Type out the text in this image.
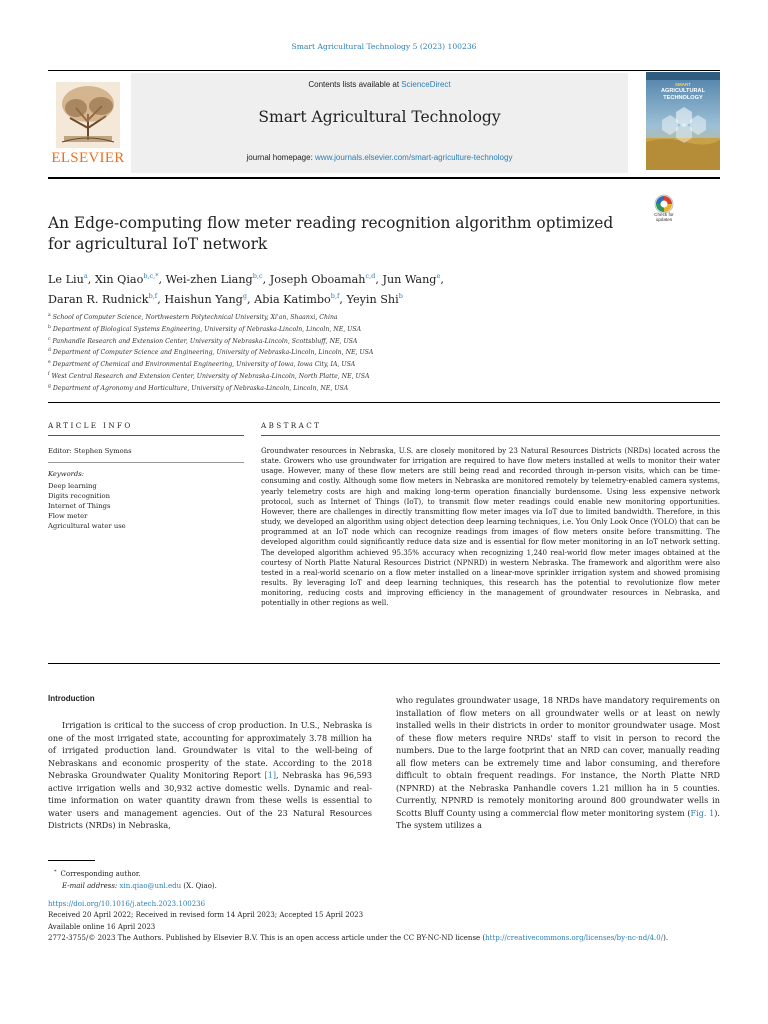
Smart Agricultural Technology 5 (2023) 100236
ELSEVIER
Contents lists available at ScienceDirect
Smart Agricultural Technology
journal homepage: www.journals.elsevier.com/smart-agriculture-technology
SMART
AGRICULTURAL
TECHNOLOGY
Check for
updates
An Edge-computing flow meter reading recognition algorithm optimized
for agricultural IoT network
Le Liu$^a$, Xin Qiao$^{b,c,*}$, Wei-zhen Liang$^{b,c}$, Joseph Oboamah$^{c,d}$, Jun Wang$^e$,
Daran R. Rudnick$^{b,f}$, Haishun Yang$^g$, Abia Katimbo$^{b,f}$, Yeyin Shi$^b$
$^a$ School of Computer Science, Northwestern Polytechnical University, Xi'an, Shaanxi, China
$^b$ Department of Biological Systems Engineering, University of Nebraska-Lincoln, Lincoln, NE, USA
$^c$ Panhandle Research and Extension Center, University of Nebraska-Lincoln, Scottsbluff, NE, USA
$^d$ Department of Computer Science and Engineering, University of Nebraska-Lincoln, Lincoln, NE, USA
$^e$ Department of Chemical and Environmental Engineering, University of Iowa, Iowa City, IA, USA
$^f$ West Central Research and Extension Center, University of Nebraska-Lincoln, North Platte, NE, USA
$^g$ Department of Agronomy and Horticulture, University of Nebraska-Lincoln, Lincoln, NE, USA
ARTICLE INFO	ABSTRACT
Editor: Stephen Symons
Keywords:
Deep learning
Digits recognition
Internet of Things
Flow meter
Agricultural water use
Groundwater resources in Nebraska, U.S. are closely monitored by 23 Natural Resources Districts (NRDs) located across the state. Growers who use groundwater for irrigation are required to have flow meters installed at wells to monitor their water usage. However, many of these flow meters are still being read and recorded through in-person visits, which can be time-consuming and costly. Although some flow meters in Nebraska are monitored remotely by telemetry-enabled camera systems, yearly telemetry costs are high and making long-term operation financially burdensome. Using less expensive network protocol, such as Internet of Things (IoT), to transmit flow meter readings could enable new monitoring opportunities. However, there are challenges in directly transmitting flow meter images via IoT due to limited bandwidth. Therefore, in this study, we developed an algorithm using object detection deep learning techniques, i.e. You Only Look Once (YOLO) that can be programmed at an IoT node which can recognize readings from images of flow meters onsite before transmitting. The developed algorithm could significantly reduce data size and is essential for flow meter monitoring in an IoT network setting. The developed algorithm achieved 95.35% accuracy when recognizing 1,240 real-world flow meter images obtained at the courtesy of North Platte Natural Resources District (NPNRD) in western Nebraska. The framework and algorithm were also tested in a real-world scenario on a flow meter installed on a linear-move sprinkler irrigation system and showed promising results. By leveraging IoT and deep learning techniques, this research has the potential to revolutionize flow meter monitoring, reducing costs and improving efficiency in the management of groundwater resources in Nebraska, and potentially in other regions as well.
Introduction
Irrigation is critical to the success of crop production. In U.S., Nebraska is one of the most irrigated state, accounting for approximately 3.78 million ha of irrigated production land. Groundwater is vital to the well-being of Nebraskans and economic prosperity of the state. According to the 2018 Nebraska Groundwater Quality Monitoring Report [1], Nebraska has 96,593 active irrigation wells and 30,932 active domestic wells. Dynamic and real-time information on water quantity drawn from these wells is essential to water users and management agencies. Out of the 23 Natural Resources Districts (NRDs) in Nebraska,
who regulates groundwater usage, 18 NRDs have mandatory requirements on installation of flow meters on all groundwater wells or at least on newly installed wells in their districts in order to monitor groundwater usage. Most of these flow meters require NRDs' staff to visit in person to record the numbers. Due to the large footprint that an NRD can cover, manually reading all flow meters can be extremely time and labor consuming, and therefore difficult to obtain frequent readings. For instance, the North Platte NRD (NPNRD) at the Nebraska Panhandle covers 1.21 million ha in 5 counties. Currently, NPNRD is remotely monitoring around 800 groundwater wells in Scotts Bluff County using a commercial flow meter monitoring system (Fig. 1). The system utilizes a
* Corresponding author.
E-mail address: xin.qiao@unl.edu (X. Qiao).
https://doi.org/10.1016/j.atech.2023.100236
Received 20 April 2022; Received in revised form 14 April 2023; Accepted 15 April 2023
Available online 16 April 2023
2772-3755/© 2023 The Authors. Published by Elsevier B.V. This is an open access article under the CC BY-NC-ND license (http://creativecommons.org/licenses/by-nc-nd/4.0/).
